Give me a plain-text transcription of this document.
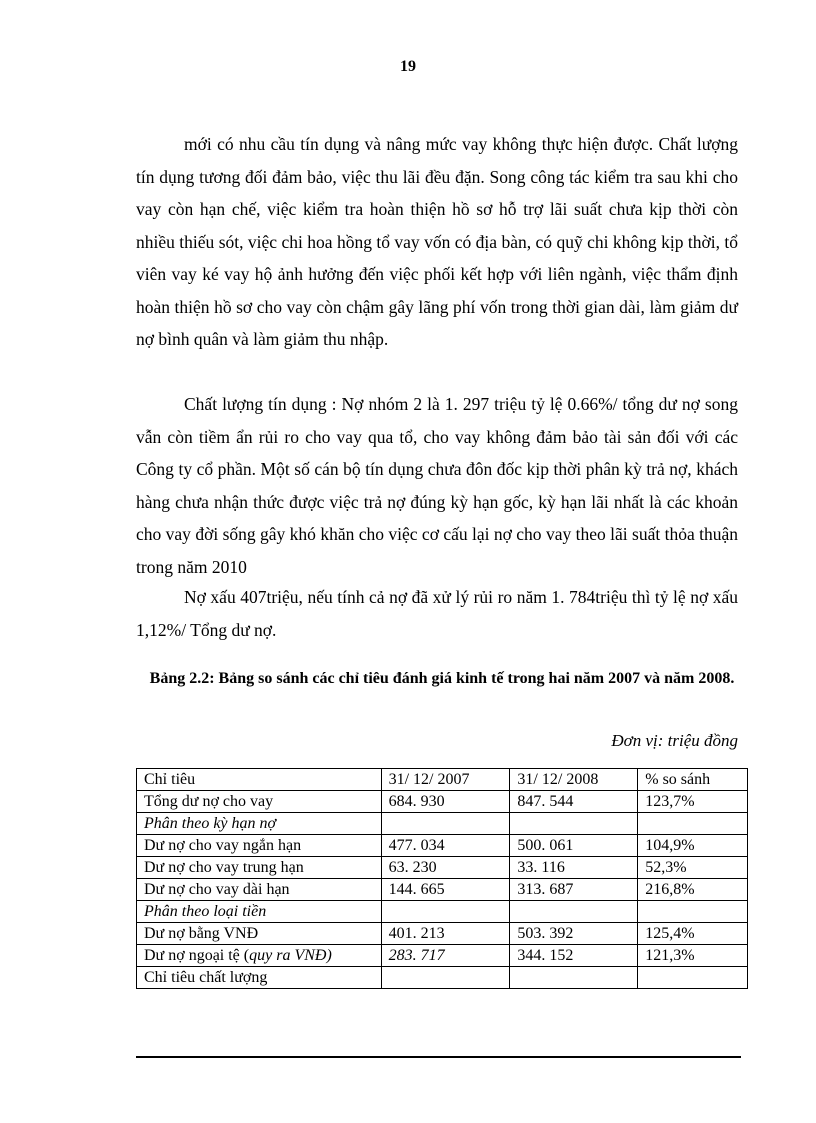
19

mới có nhu cầu tín dụng và nâng mức vay không thực hiện được. Chất lượng tín dụng tương đối đảm bảo, việc thu lãi đều đặn. Song công tác kiểm tra sau khi cho vay còn hạn chế, việc kiểm tra hoàn thiện hồ sơ hỗ trợ lãi suất chưa kịp thời còn nhiều thiếu sót, việc chi hoa hồng tổ vay vốn có địa bàn, có quỹ chi không kịp thời, tổ viên vay ké vay hộ ảnh hưởng đến việc phối kết hợp với liên ngành, việc thẩm định hoàn thiện hồ sơ cho vay còn chậm gây lãng phí vốn trong thời gian dài, làm giảm dư nợ bình quân và làm giảm thu nhập.

Chất lượng tín dụng : Nợ nhóm 2 là 1. 297 triệu tỷ lệ 0.66%/ tổng dư nợ song vẫn còn tiềm ẩn rủi ro cho vay qua tổ, cho vay không đảm bảo tài sản đối với các Công ty cổ phần. Một số cán bộ tín dụng chưa đôn đốc kịp thời phân kỳ trả nợ, khách hàng chưa nhận thức được việc trả nợ đúng kỳ hạn gốc, kỳ hạn lãi nhất là các khoản cho vay đời sống gây khó khăn cho việc cơ cấu lại nợ cho vay theo lãi suất thỏa thuận trong năm 2010

Nợ xấu 407triệu, nếu tính cả nợ đã xử lý rủi ro năm 1. 784triệu thì tỷ lệ nợ xấu 1,12%/ Tổng dư nợ.

Bảng 2.2: Bảng so sánh các chỉ tiêu đánh giá kinh tế trong hai năm 2007 và năm 2008.
Đơn vị: triệu đồng
Chỉ tiêu	31/ 12/ 2007	31/ 12/ 2008	% so sánh
Tổng dư nợ cho vay	684. 930	847. 544	123,7%
Phân theo kỳ hạn nợ			
Dư nợ cho vay ngắn hạn	477. 034	500. 061	104,9%
Dư nợ cho vay trung hạn	63. 230	33. 116	52,3%
Dư nợ cho vay dài hạn	144. 665	313. 687	216,8%
Phân theo loại tiền			
Dư nợ bằng VNĐ	401. 213	503. 392	125,4%
Dư nợ ngoại tệ (quy ra VNĐ)	283. 717	344. 152	121,3%
Chỉ tiêu chất lượng			
